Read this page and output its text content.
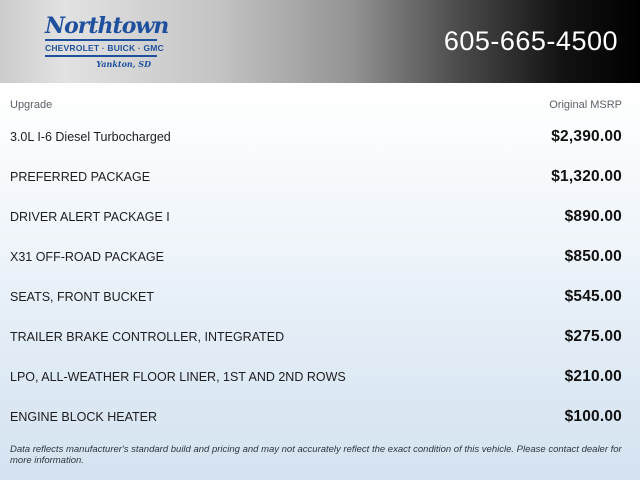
Northtown
CHEVROLET · BUICK · GMC
Yankton, SD
605-665-4500
Upgrade	Original MSRP
3.0L I-6 Diesel Turbocharged	$2,390.00
PREFERRED PACKAGE	$1,320.00
DRIVER ALERT PACKAGE I	$890.00
X31 OFF-ROAD PACKAGE	$850.00
SEATS, FRONT BUCKET	$545.00
TRAILER BRAKE CONTROLLER, INTEGRATED	$275.00
LPO, ALL-WEATHER FLOOR LINER, 1ST AND 2ND ROWS	$210.00
ENGINE BLOCK HEATER	$100.00

Data reflects manufacturer's standard build and pricing and may not accurately reflect the exact condition of this vehicle. Please contact dealer for more information.
